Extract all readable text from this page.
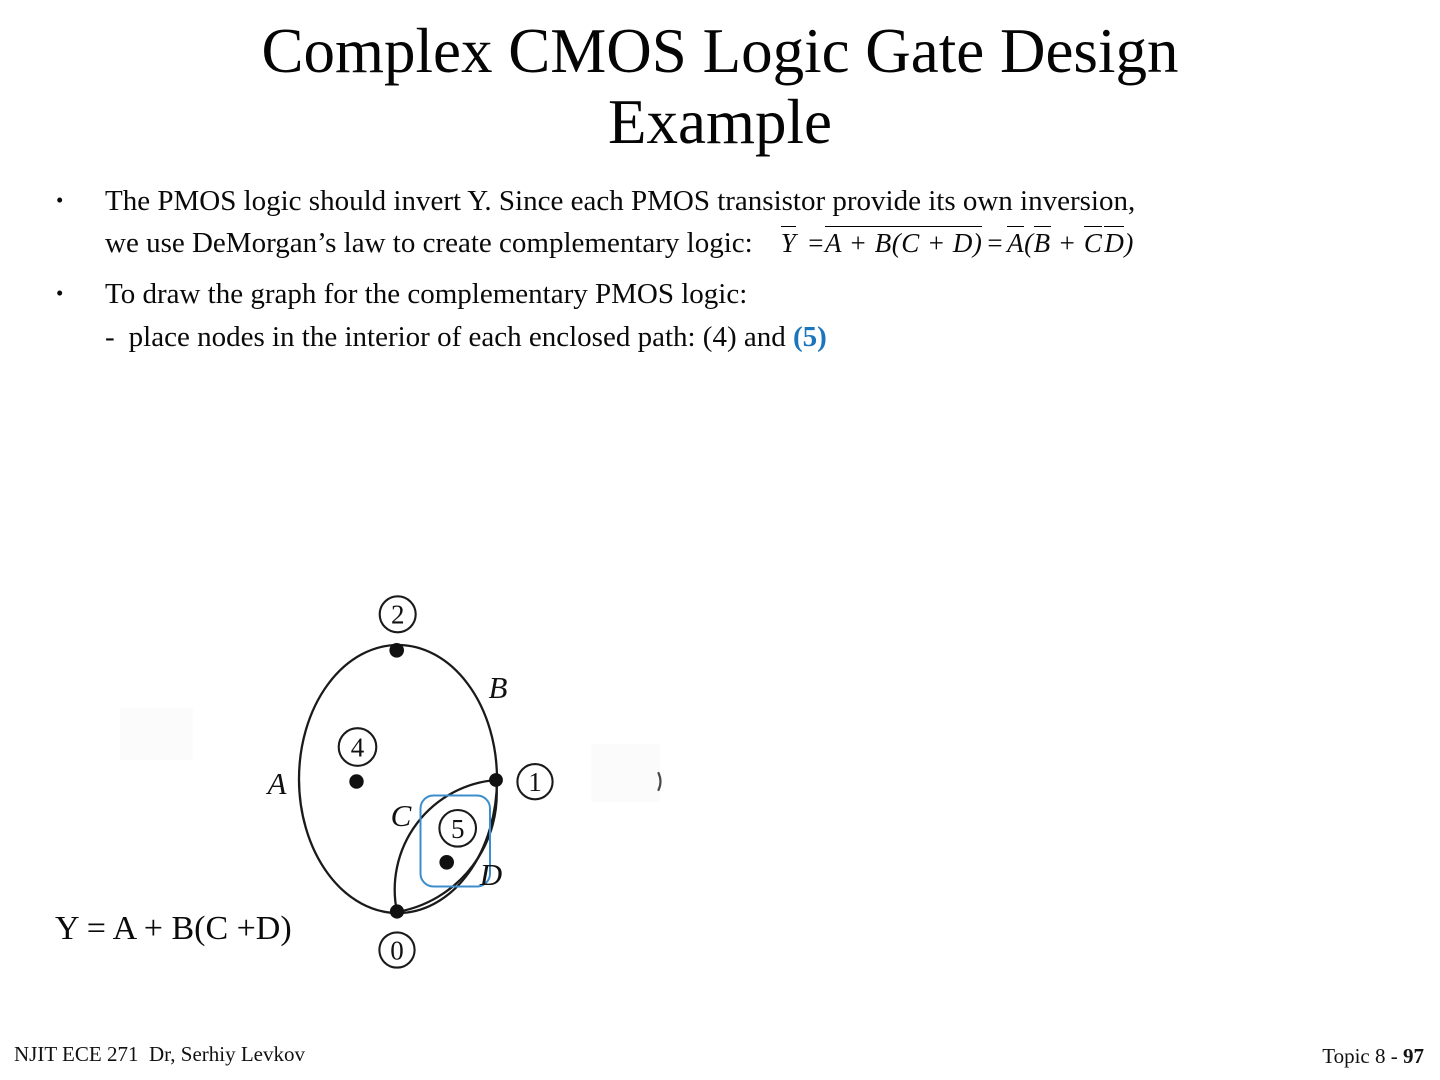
Complex CMOS Logic Gate Design
Example
•	The PMOS logic should invert Y. Since each PMOS transistor provide its own inversion,
we use DeMorgan’s law to create complementary logic: Y =A + B(C + D) = A(B + CD)
•	To draw the graph for the complementary PMOS logic:
- place nodes in the interior of each enclosed path: (4) and (5)
2
4
1
5
0
A
B
C
D
Y = A + B(C +D)
NJIT ECE 271  Dr, Serhiy Levkov	Topic 8 - 97
